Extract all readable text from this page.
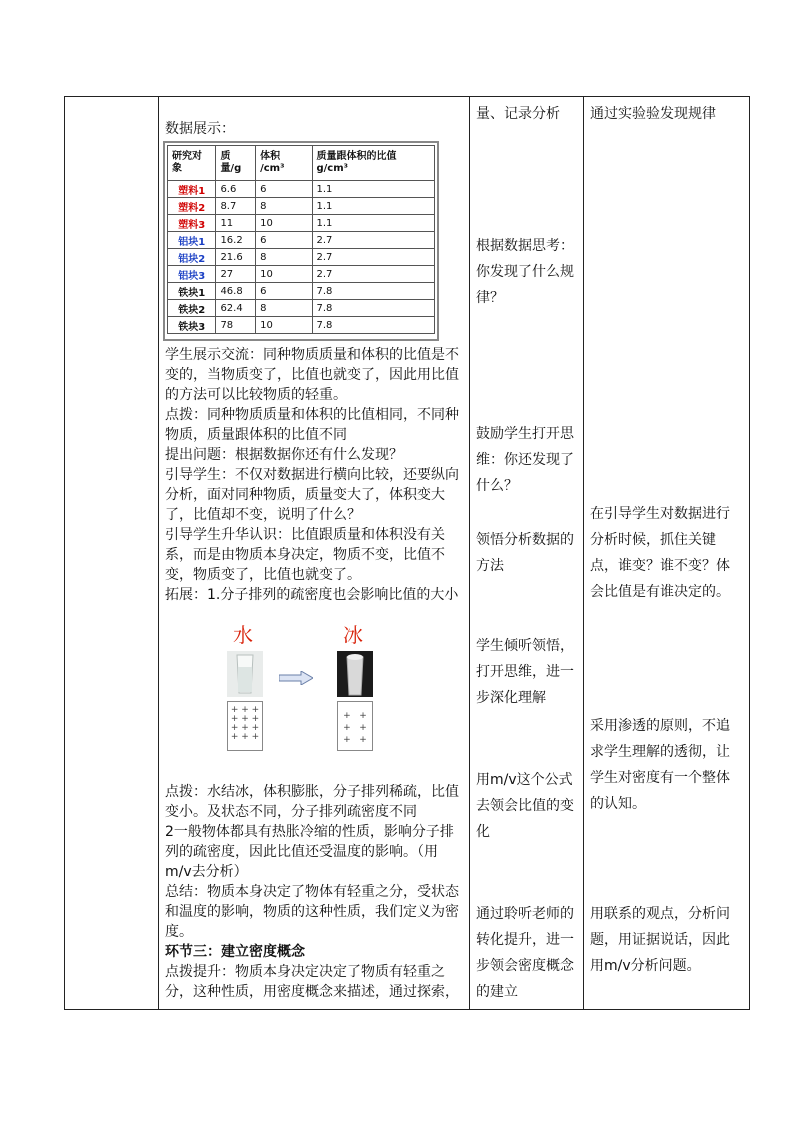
数据展示：
研究对象	质量/g	体积 /cm³	质量跟体积的比值 g/cm³
塑料1	6.6	6	1.1
塑料2	8.7	8	1.1
塑料3	11	10	1.1
铝块1	16.2	6	2.7
铝块2	21.6	8	2.7
铝块3	27	10	2.7
铁块1	46.8	6	7.8
铁块2	62.4	8	7.8
铁块3	78	10	7.8
学生展示交流：同种物质质量和体积的比值是不
变的，当物质变了，比值也就变了，因此用比值
的方法可以比较物质的轻重。
点拨：同种物质质量和体积的比值相同，不同种
物质，质量跟体积的比值不同
提出问题：根据数据你还有什么发现？
引导学生：不仅对数据进行横向比较，还要纵向
分析，面对同种物质，质量变大了，体积变大
了，比值却不变，说明了什么？
引导学生升华认识：比值跟质量和体积没有关
系，而是由物质本身决定，物质不变，比值不
变，物质变了，比值也就变了。
拓展：1.分子排列的疏密度也会影响比值的大小
水	冰
+ + +
+ + +
+ + +
+ + +
+   +
+   +
+   +
点拨：水结冰，体积膨胀，分子排列稀疏，比值
变小。及状态不同，分子排列疏密度不同
2一般物体都具有热胀冷缩的性质，影响分子排
列的疏密度，因此比值还受温度的影响。（用
m/v去分析）
总结：物质本身决定了物体有轻重之分，受状态
和温度的影响，物质的这种性质，我们定义为密
度。
环节三：建立密度概念
点拨提升：物质本身决定决定了物质有轻重之
分，这种性质，用密度概念来描述，通过探索，
量、记录分析
根据数据思考：
你发现了什么规
律？
鼓励学生打开思
维：你还发现了
什么？
领悟分析数据的
方法
学生倾听领悟，
打开思维，进一
步深化理解
用m/v这个公式
去领会比值的变
化
通过聆听老师的
转化提升，进一
步领会密度概念
的建立
通过实验验发现规律
在引导学生对数据进行
分析时候，抓住关键
点，谁变？谁不变？体
会比值是有谁决定的。
采用渗透的原则，不追
求学生理解的透彻，让
学生对密度有一个整体
的认知。
用联系的观点，分析问
题，用证据说话，因此
用m/v分析问题。
